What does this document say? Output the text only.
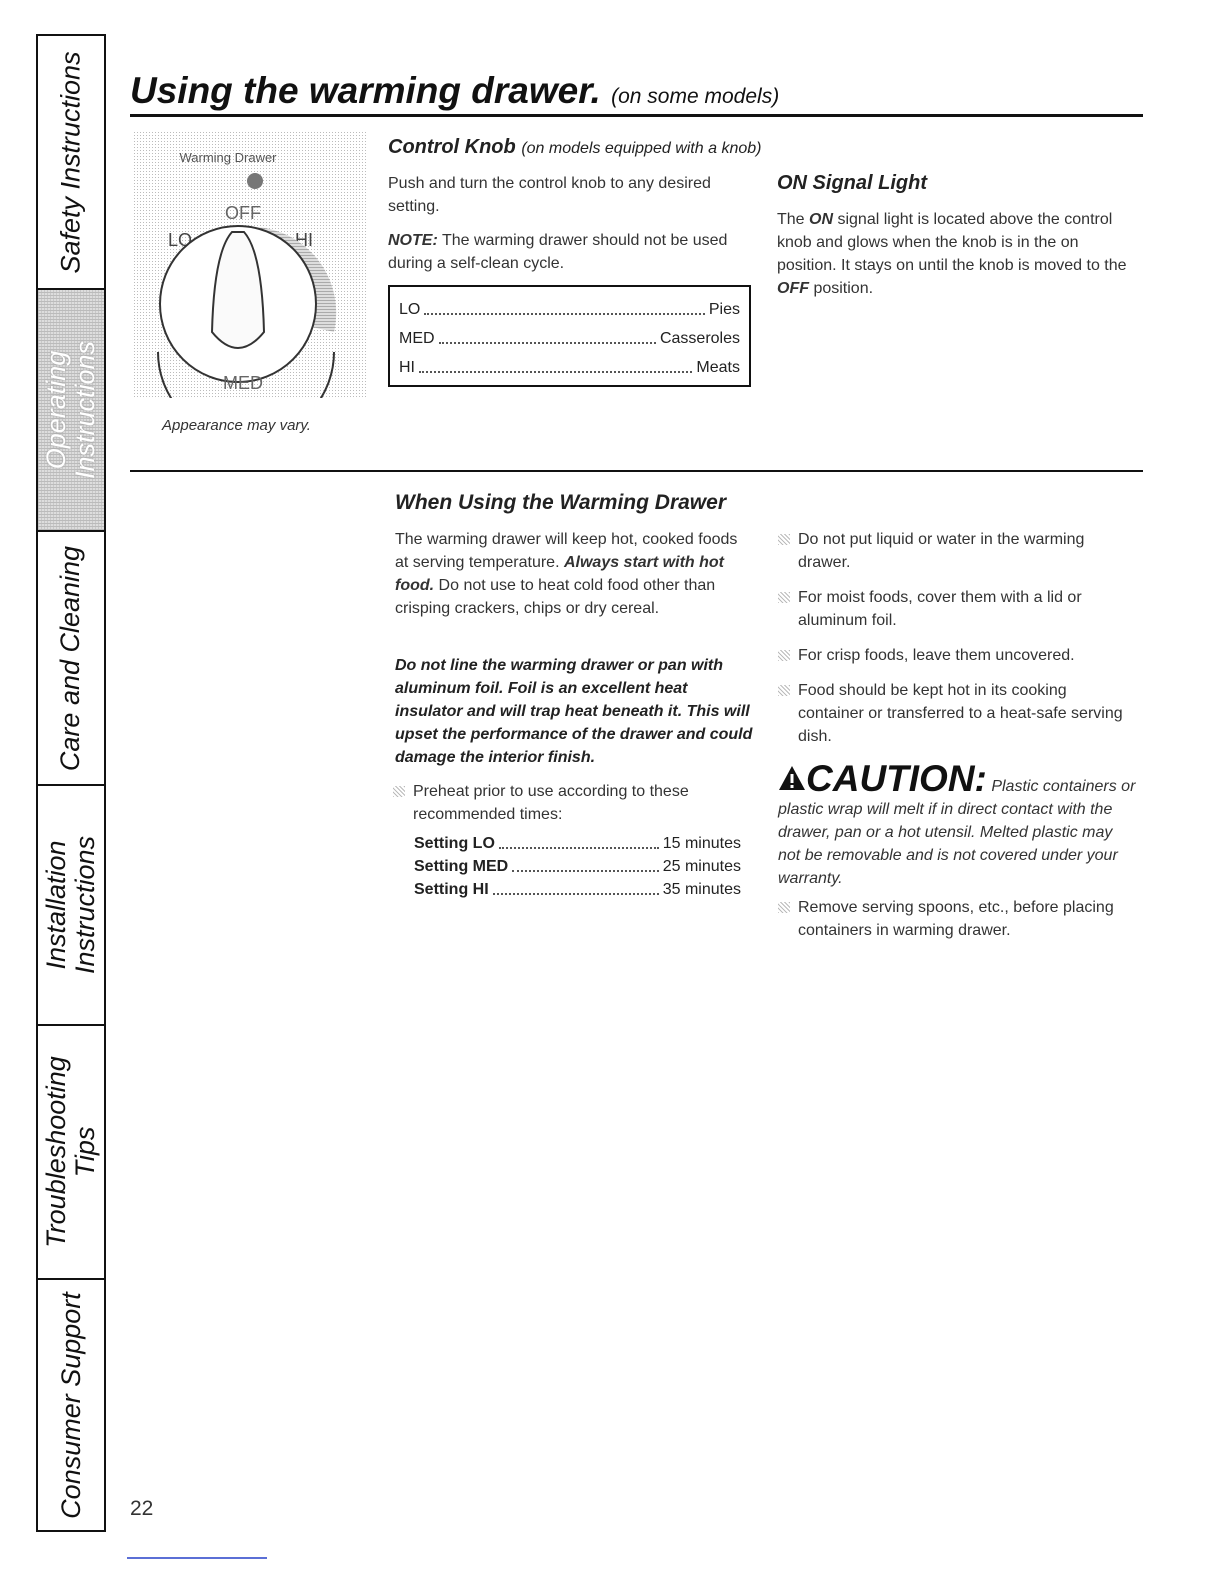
Safety Instructions
Operating Instructions
Care and Cleaning
Installation Instructions
Troubleshooting Tips
Consumer Support
Using the warming drawer. (on some models)
Warming Drawer
OFF
LO	HI
MED
Appearance may vary.
Control Knob (on models equipped with a knob)
Push and turn the control knob to any desired setting.
NOTE: The warming drawer should not be used during a self-clean cycle.
LO	Pies
MED	Casseroles
HI	Meats
ON Signal Light
The ON signal light is located above the control knob and glows when the knob is in the on position. It stays on until the knob is moved to the OFF position.
When Using the Warming Drawer
The warming drawer will keep hot, cooked foods at serving temperature. Always start with hot food. Do not use to heat cold food other than crisping crackers, chips or dry cereal.
Do not line the warming drawer or pan with aluminum foil. Foil is an excellent heat insulator and will trap heat beneath it. This will upset the performance of the drawer and could damage the interior finish.
Preheat prior to use according to these recommended times:
Setting LO	15 minutes
Setting MED	25 minutes
Setting HI	35 minutes
Do not put liquid or water in the warming drawer.
For moist foods, cover them with a lid or aluminum foil.
For crisp foods, leave them uncovered.
Food should be kept hot in its cooking container or transferred to a heat-safe serving dish.
CAUTION: Plastic containers or plastic wrap will melt if in direct contact with the drawer, pan or a hot utensil. Melted plastic may not be removable and is not covered under your warranty.
Remove serving spoons, etc., before placing containers in warming drawer.
22
